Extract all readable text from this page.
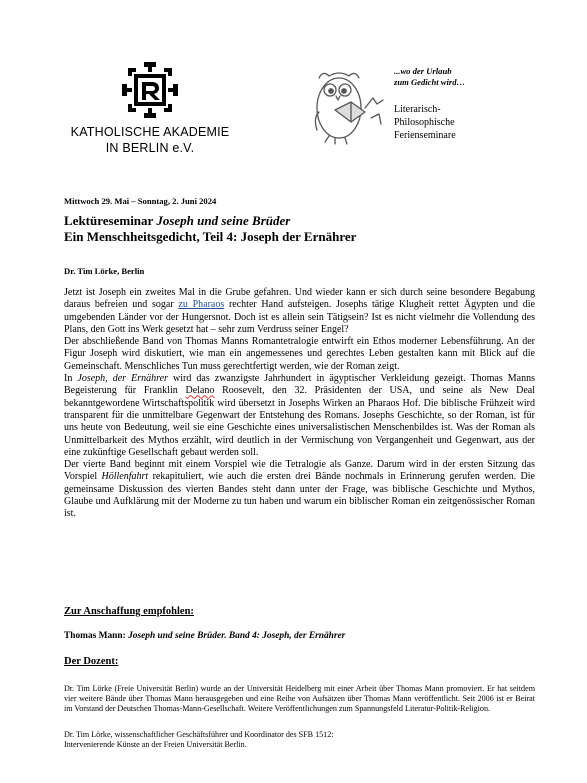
KATHOLISCHE AKADEMIE
IN BERLIN e.V.
...wo der Urlaub
zum Gedicht wird…
Literarisch-
Philosophische
Ferienseminare
Mittwoch 29. Mai – Sonntag, 2. Juni 2024
Lektüreseminar Joseph und seine Brüder
Ein Menschheitsgedicht, Teil 4: Joseph der Ernährer
Dr. Tim Lörke, Berlin

Jetzt ist Joseph ein zweites Mal in die Grube gefahren. Und wieder kann er sich durch seine besondere Begabung daraus befreien und sogar zu Pharaos rechter Hand aufsteigen. Josephs tätige Klugheit rettet Ägypten und die umgebenden Länder vor der Hungersnot. Doch ist es allein sein Tätigsein? Ist es nicht vielmehr die Vollendung des Plans, den Gott ins Werk gesetzt hat – sehr zum Verdruss seiner Engel?

Der abschließende Band von Thomas Manns Romantetralogie entwirft ein Ethos moderner Lebensführung. An der Figur Joseph wird diskutiert, wie man ein angemessenes und gerechtes Leben gestalten kann mit Blick auf die Gemeinschaft. Menschliches Tun muss gerechtfertigt werden, wie der Roman zeigt.

In Joseph, der Ernährer wird das zwanzigste Jahrhundert in ägyptischer Verkleidung gezeigt. Thomas Manns Begeisterung für Franklin Delano Roosevelt, den 32. Präsidenten der USA, und seine als New Deal bekanntgewordene Wirtschaftspolitik wird übersetzt in Josephs Wirken an Pharaos Hof. Die biblische Frühzeit wird transparent für die unmittelbare Gegenwart der Entstehung des Romans. Josephs Geschichte, so der Roman, ist für uns heute von Bedeutung, weil sie eine Geschichte eines universalistischen Menschenbildes ist. Was der Roman als Unmittelbarkeit des Mythos erzählt, wird deutlich in der Vermischung von Vergangenheit und Gegenwart, aus der eine zukünftige Gesellschaft gebaut werden soll.

Der vierte Band beginnt mit einem Vorspiel wie die Tetralogie als Ganze. Darum wird in der ersten Sitzung das Vorspiel Höllenfahrt rekapituliert, wie auch die ersten drei Bände nochmals in Erinnerung gerufen werden. Die gemeinsame Diskussion des vierten Bandes steht dann unter der Frage, was biblische Geschichte und Mythos, Glaube und Aufklärung mit der Moderne zu tun haben und warum ein biblischer Roman ein zeitgenössischer Roman ist.

Zur Anschaffung empfohlen:
Thomas Mann: Joseph und seine Brüder. Band 4: Joseph, der Ernährer
Der Dozent:

Dr. Tim Lörke (Freie Universität Berlin) wurde an der Universität Heidelberg mit einer Arbeit über Thomas Mann promoviert. Er hat seitdem vier weitere Bände über Thomas Mann herausgegeben und eine Reihe von Aufsätzen über Thomas Mann veröffentlicht. Seit 2006 ist er Beirat im Vorstand der Deutschen Thomas-Mann-Gesellschaft. Weitere Veröffentlichungen zum Spannungsfeld Literatur-Politik-Religion.

Dr. Tim Lörke, wissenschaftlicher Geschäftsführer und Koordinator des SFB 1512:
Intervenierende Künste an der Freien Universität Berlin.
